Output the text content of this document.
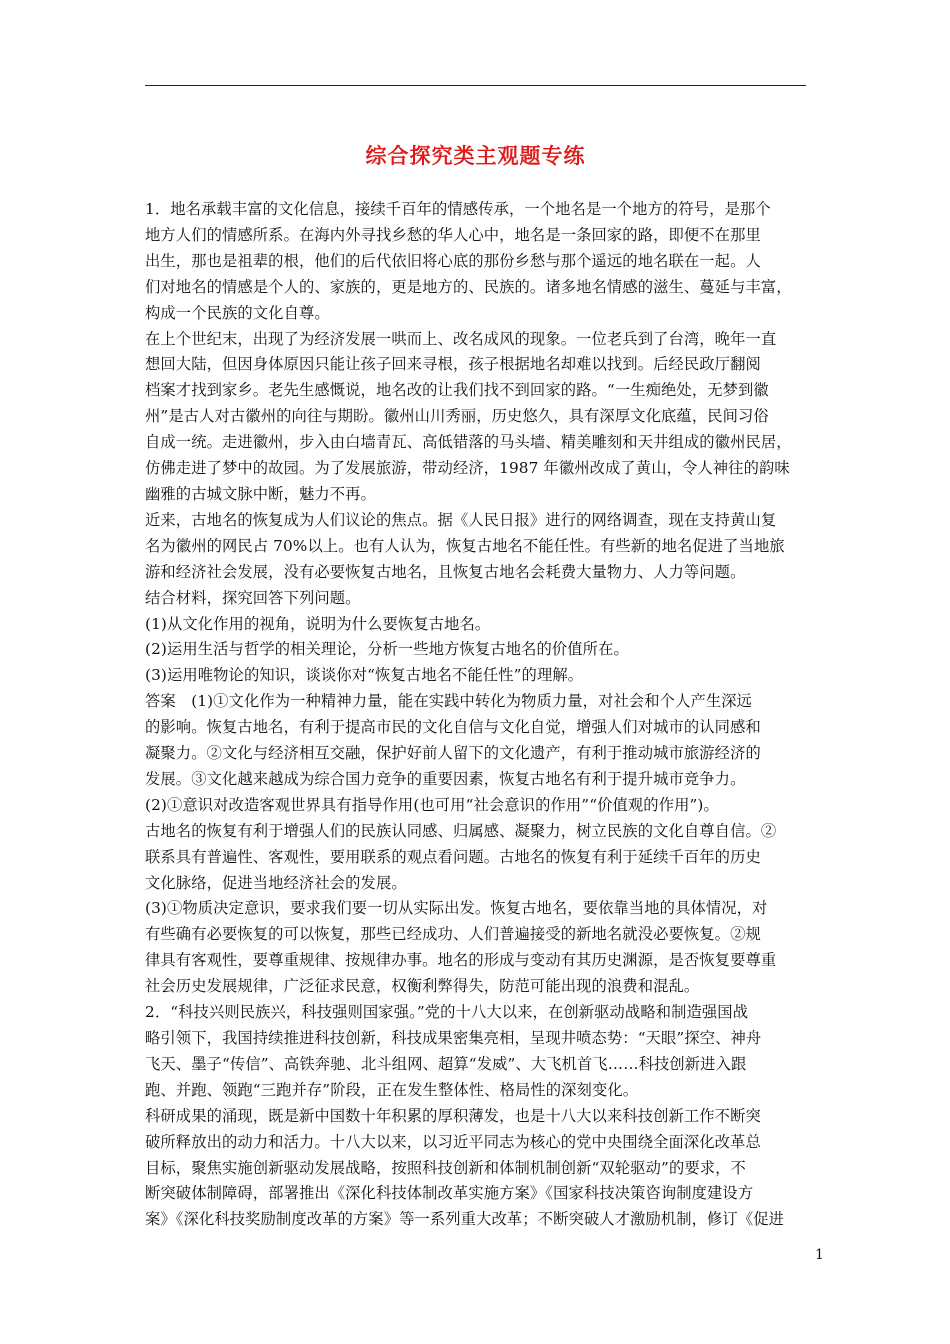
综合探究类主观题专练

1．地名承载丰富的文化信息，接续千百年的情感传承，一个地名是一个地方的符号，是那个

地方人们的情感所系。在海内外寻找乡愁的华人心中，地名是一条回家的路，即便不在那里

出生，那也是祖辈的根，他们的后代依旧将心底的那份乡愁与那个遥远的地名联在一起。人

们对地名的情感是个人的、家族的，更是地方的、民族的。诸多地名情感的滋生、蔓延与丰富，

构成一个民族的文化自尊。

在上个世纪末，出现了为经济发展一哄而上、改名成风的现象。一位老兵到了台湾，晚年一直

想回大陆，但因身体原因只能让孩子回来寻根，孩子根据地名却难以找到。后经民政厅翻阅

档案才找到家乡。老先生感慨说，地名改的让我们找不到回家的路。“一生痴绝处，无梦到徽

州”是古人对古徽州的向往与期盼。徽州山川秀丽，历史悠久，具有深厚文化底蕴，民间习俗

自成一统。走进徽州，步入由白墙青瓦、高低错落的马头墙、精美雕刻和天井组成的徽州民居，

仿佛走进了梦中的故园。为了发展旅游，带动经济，1987 年徽州改成了黄山，令人神往的韵味

幽雅的古城文脉中断，魅力不再。

近来，古地名的恢复成为人们议论的焦点。据《人民日报》进行的网络调查，现在支持黄山复

名为徽州的网民占 70%以上。也有人认为，恢复古地名不能任性。有些新的地名促进了当地旅

游和经济社会发展，没有必要恢复古地名，且恢复古地名会耗费大量物力、人力等问题。

结合材料，探究回答下列问题。

(1)从文化作用的视角，说明为什么要恢复古地名。

(2)运用生活与哲学的相关理论，分析一些地方恢复古地名的价值所在。

(3)运用唯物论的知识，谈谈你对“恢复古地名不能任性”的理解。

答案　(1)①文化作为一种精神力量，能在实践中转化为物质力量，对社会和个人产生深远

的影响。恢复古地名，有利于提高市民的文化自信与文化自觉，增强人们对城市的认同感和

凝聚力。②文化与经济相互交融，保护好前人留下的文化遗产，有利于推动城市旅游经济的

发展。③文化越来越成为综合国力竞争的重要因素，恢复古地名有利于提升城市竞争力。

(2)①意识对改造客观世界具有指导作用(也可用“社会意识的作用”“价值观的作用”)。

古地名的恢复有利于增强人们的民族认同感、归属感、凝聚力，树立民族的文化自尊自信。②

联系具有普遍性、客观性，要用联系的观点看问题。古地名的恢复有利于延续千百年的历史

文化脉络，促进当地经济社会的发展。

(3)①物质决定意识，要求我们要一切从实际出发。恢复古地名，要依靠当地的具体情况，对

有些确有必要恢复的可以恢复，那些已经成功、人们普遍接受的新地名就没必要恢复。②规

律具有客观性，要尊重规律、按规律办事。地名的形成与变动有其历史渊源，是否恢复要尊重

社会历史发展规律，广泛征求民意，权衡利弊得失，防范可能出现的浪费和混乱。

2．“科技兴则民族兴，科技强则国家强。”党的十八大以来，在创新驱动战略和制造强国战

略引领下，我国持续推进科技创新，科技成果密集亮相，呈现井喷态势：“天眼”探空、神舟

飞天、墨子“传信”、高铁奔驰、北斗组网、超算“发威”、大飞机首飞……科技创新进入跟

跑、并跑、领跑“三跑并存”阶段，正在发生整体性、格局性的深刻变化。

科研成果的涌现，既是新中国数十年积累的厚积薄发，也是十八大以来科技创新工作不断突

破所释放出的动力和活力。十八大以来，以习近平同志为核心的党中央围绕全面深化改革总

目标，聚焦实施创新驱动发展战略，按照科技创新和体制机制创新“双轮驱动”的要求，不

断突破体制障碍，部署推出《深化科技体制改革实施方案》《国家科技决策咨询制度建设方

案》《深化科技奖励制度改革的方案》等一系列重大改革；不断突破人才激励机制，修订《促进

1
